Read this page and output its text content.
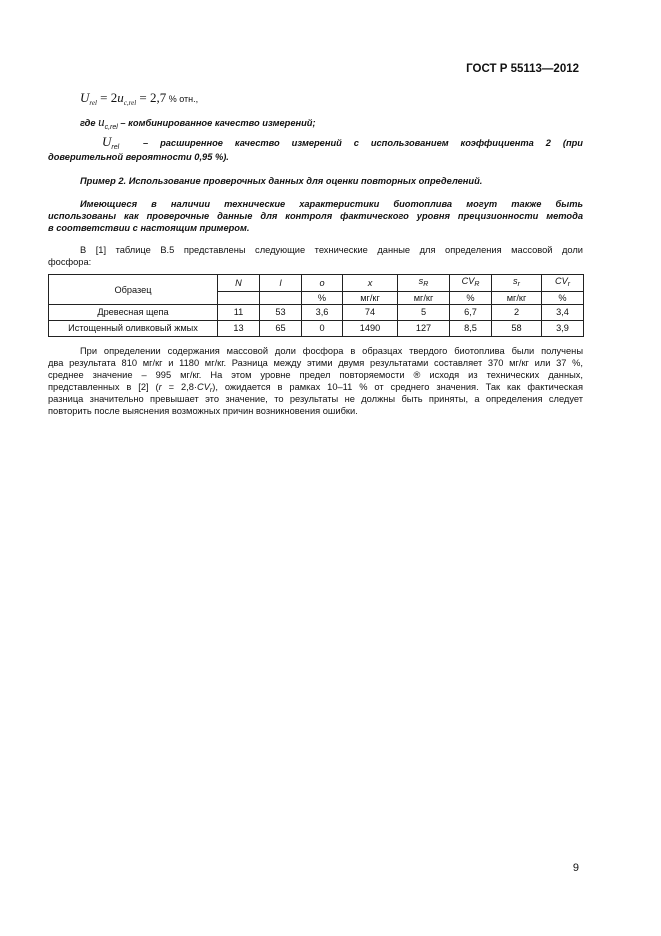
ГОСТ Р 55113—2012
$U_{rel} = 2u_{c,rel} = 2,7$ % отн.,
где $u_{c,rel}$ – комбинированное качество измерений;
$U_{rel}$	– расширенное качество измерений с использованием коэффициента 2 (при
доверительной вероятности 0,95 %).
Пример 2. Использование проверочных данных для оценки повторных определений.
Имеющиеся в наличии технические характеристики биотоплива могут также быть
использованы как проверочные данные для контроля фактического уровня прецизионности метода
в соответствии с настоящим примером.
В [1] таблице В.5 представлены следующие технические данные для определения массовой доли
фосфора:
Образец	N	l	o	x	$s_R$	$CV_R$	$s_r$	$CV_r$
			%	мг/кг	мг/кг	%	мг/кг	%
Древесная щепа	11	53	3,6	74	5	6,7	2	3,4
Истощенный оливковый жмых	13	65	0	1490	127	8,5	58	3,9
При определении содержания массовой доли фосфора в образцах твердого биотоплива были получены
два результата 810 мг/кг и 1180 мг/кг. Разница между этими двумя результатами составляет 370 мг/кг или 37 %,
среднее значение – 995 мг/кг. На этом уровне предел повторяемости ® исходя из технических данных,
представленных в [2] $(r = 2,8\cdot CV_r)$, ожидается в рамках 10–11 % от среднего значения. Так как фактическая
разница значительно превышает это значение, то результаты не должны быть приняты, а определения следует
повторить после выяснения возможных причин возникновения ошибки.
9
